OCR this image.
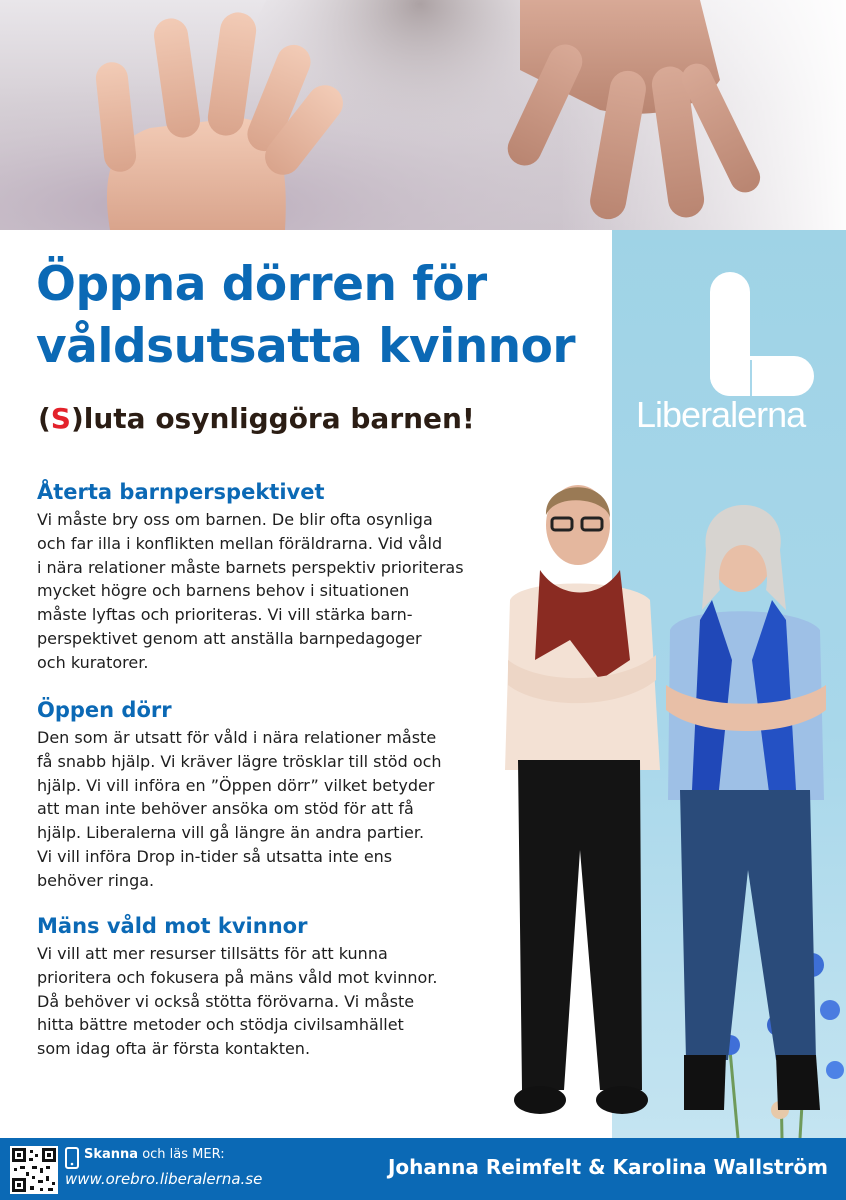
Liberalerna
Öppna dörren för
våldsutsatta kvinnor

(S)luta osynliggöra barnen!

Återta barnperspektivet
Vi måste bry oss om barnen. De blir ofta osynliga
och far illa i konflikten mellan föräldrarna. Vid våld
i nära relationer måste barnets perspektiv prioriteras
mycket högre och barnens behov i situationen
måste lyftas och prioriteras. Vi vill stärka barn-
perspektivet genom att anställa barnpedagoger
och kuratorer.
Öppen dörr
Den som är utsatt för våld i nära relationer måste
få snabb hjälp. Vi kräver lägre trösklar till stöd och
hjälp. Vi vill införa en ”Öppen dörr” vilket betyder
att man inte behöver ansöka om stöd för att få
hjälp. Liberalerna vill gå längre än andra partier.
Vi vill införa Drop in-tider så utsatta inte ens
behöver ringa.
Mäns våld mot kvinnor
Vi vill att mer resurser tillsätts för att kunna
prioritera och fokusera på mäns våld mot kvinnor.
Då behöver vi också stötta förövarna. Vi måste
hitta bättre metoder och stödja civilsamhället
som idag ofta är första kontakten.
Skanna och läs MER:
www.orebro.liberalerna.se	Johanna Reimfelt & Karolina Wallström
